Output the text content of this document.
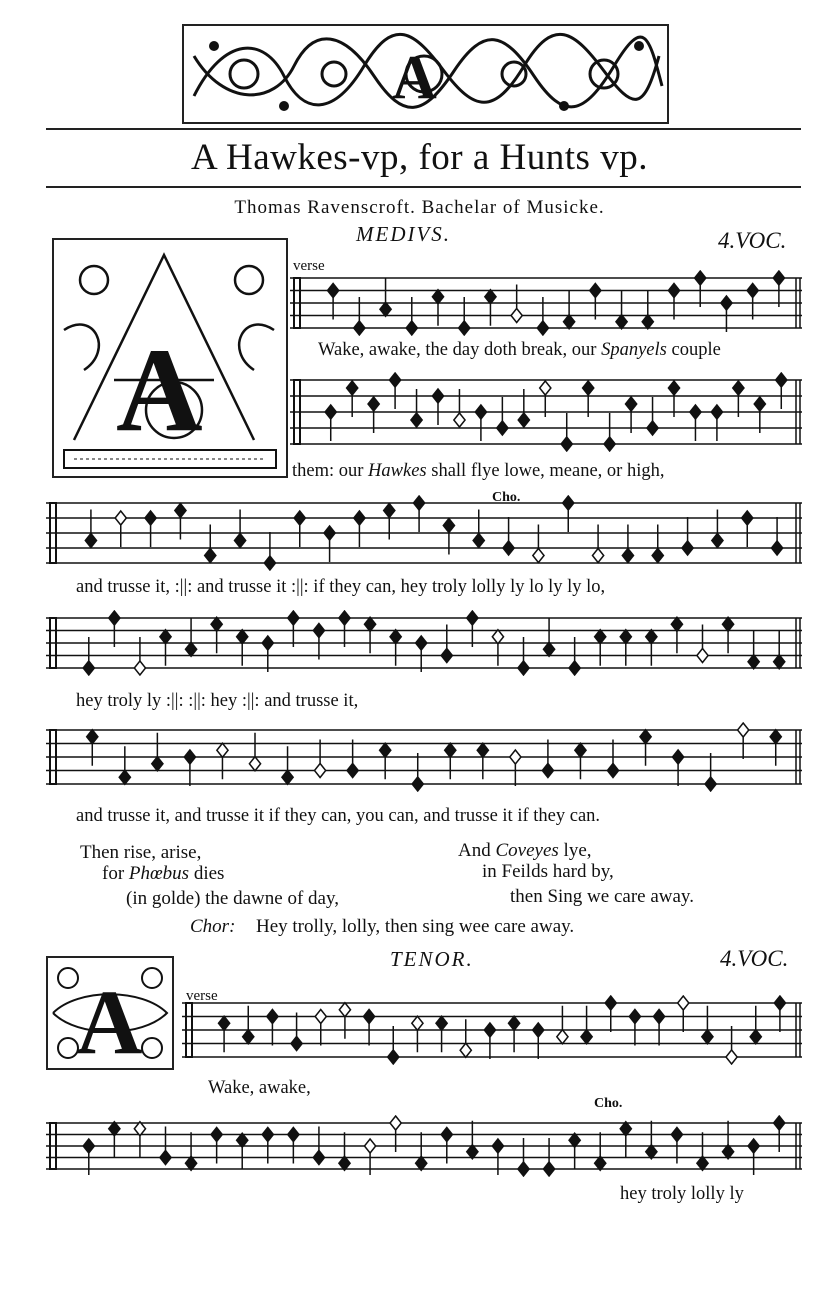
A
A Hawkes-vp, for a Hunts vp.
Thomas Ravenscroft. Bachelar of Musicke.
A
MEDIVS.	4.VOC.
verse
Wake, awake, the day doth break, our Spanyels couple
them: our Hawkes shall flye lowe, meane, or high,
Cho.
and trusse it, :||: and trusse it :||: if they can, hey troly lolly ly lo ly ly lo,
hey troly ly :||: :||: hey :||: and trusse it,
and trusse it, and trusse it if they can, you can, and trusse it if they can.
Then rise, arise,
for Phœbus dies
(in golde) the dawne of day,
And Coveyes lye,
in Feilds hard by,
then Sing we care away.
Chor: Hey trolly, lolly, then sing wee care away.
A
TENOR.	4.VOC.
verse
Wake, awake,
Cho.
hey troly lolly ly
